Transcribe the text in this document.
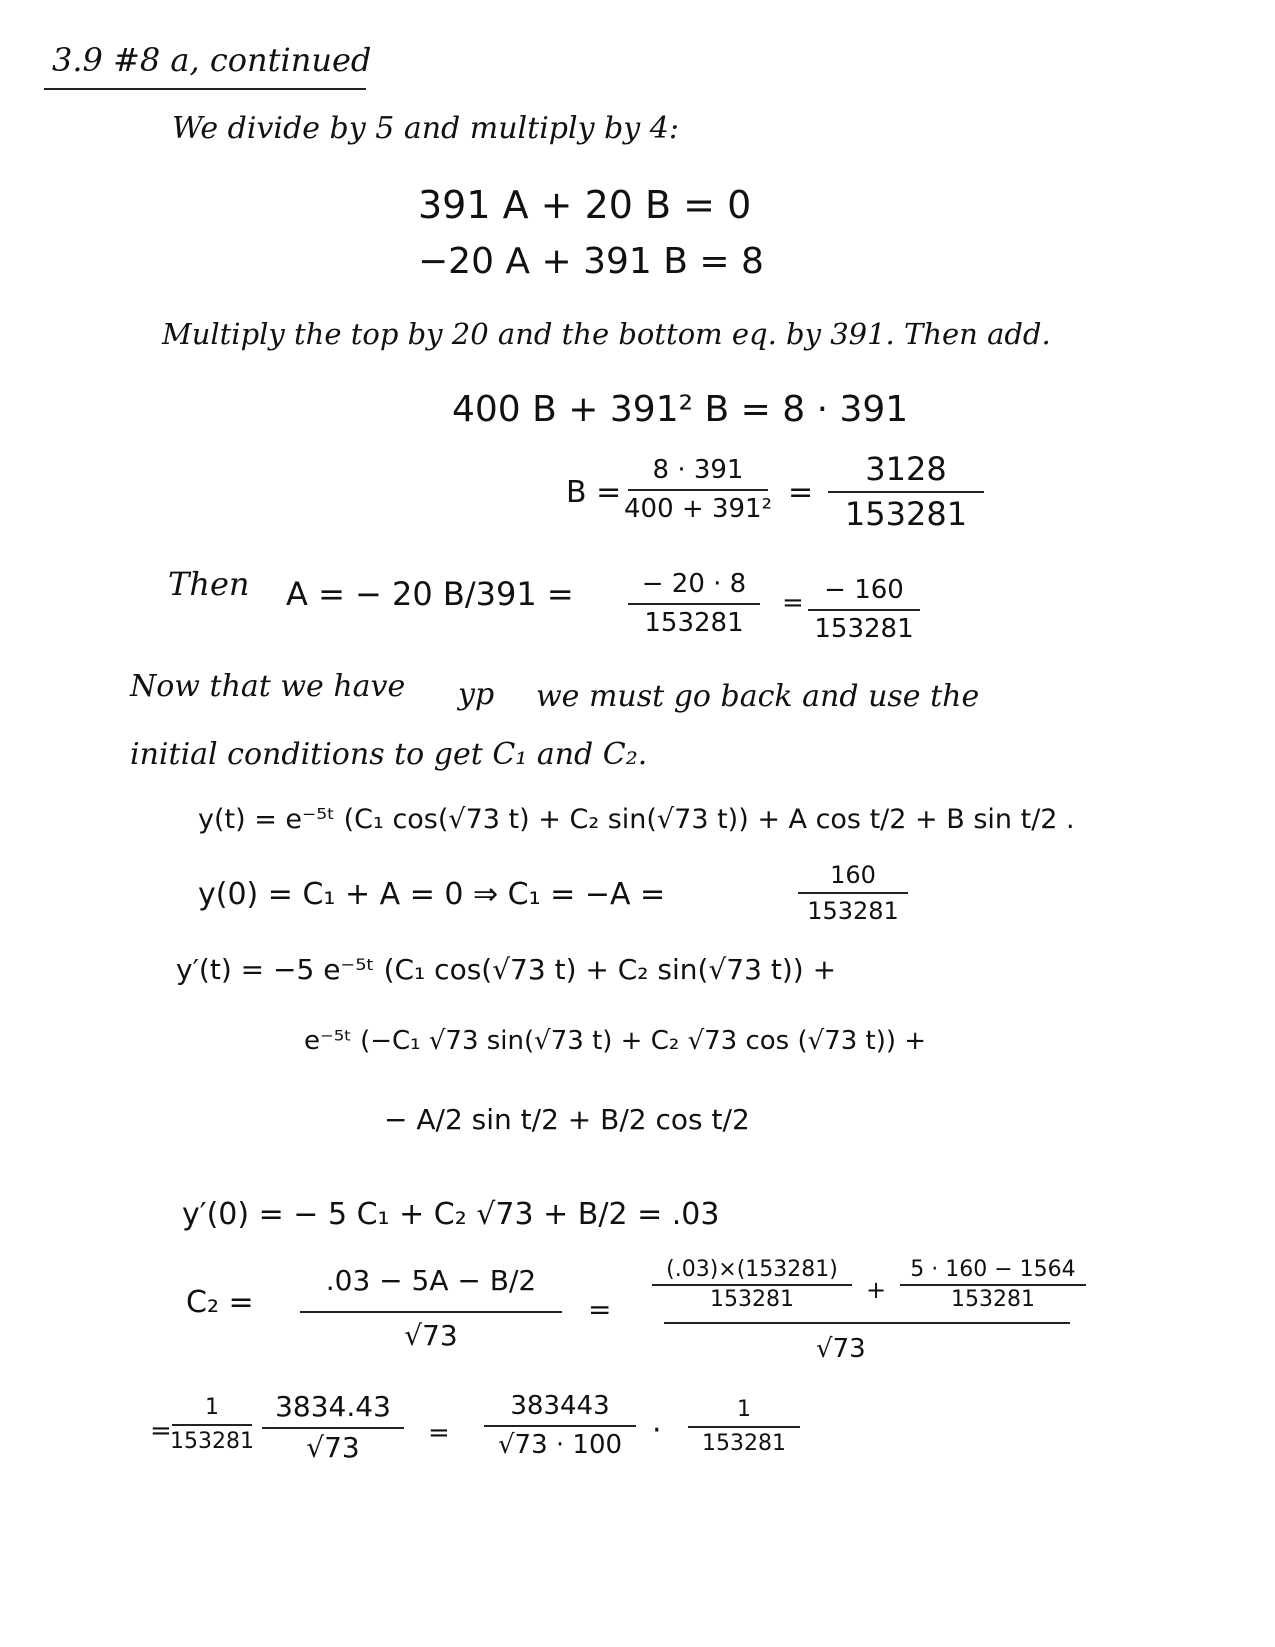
3.9 #8 a, continued
We divide by 5 and multiply by 4:
391 A + 20 B = 0
−20 A + 391 B = 8
Multiply the top by 20 and the bottom eq. by 391. Then add.
400 B + 391² B = 8 · 391
B =
8 · 391
400 + 391² =
3128
153281
Then A = − 20 B/391 =	− 20 · 8
153281
= − 160
153281
Now that we have yp we must go back and use the
initial conditions to get C₁ and C₂.
y(t) = e⁻⁵ᵗ (C₁ cos(√73 t) + C₂ sin(√73 t)) + A cos t/2 + B sin t/2 .
y(0) = C₁ + A = 0 ⇒ C₁ = −A =
160
153281
y′(t) = −5 e⁻⁵ᵗ (C₁ cos(√73 t) + C₂ sin(√73 t)) +
e⁻⁵ᵗ (−C₁ √73 sin(√73 t) + C₂ √73 cos (√73 t)) +
− A/2 sin t/2 + B/2 cos t/2
y′(0) = − 5 C₁ + C₂ √73 + B/2 = .03
C₂ =
.03 − 5A − B/2
√73
=
(.03)×(153281)
153281	+
5 · 160 − 1564
153281
√73
=
1
153281
3834.43
√73	=
383443
√73 · 100 ·
1
153281
